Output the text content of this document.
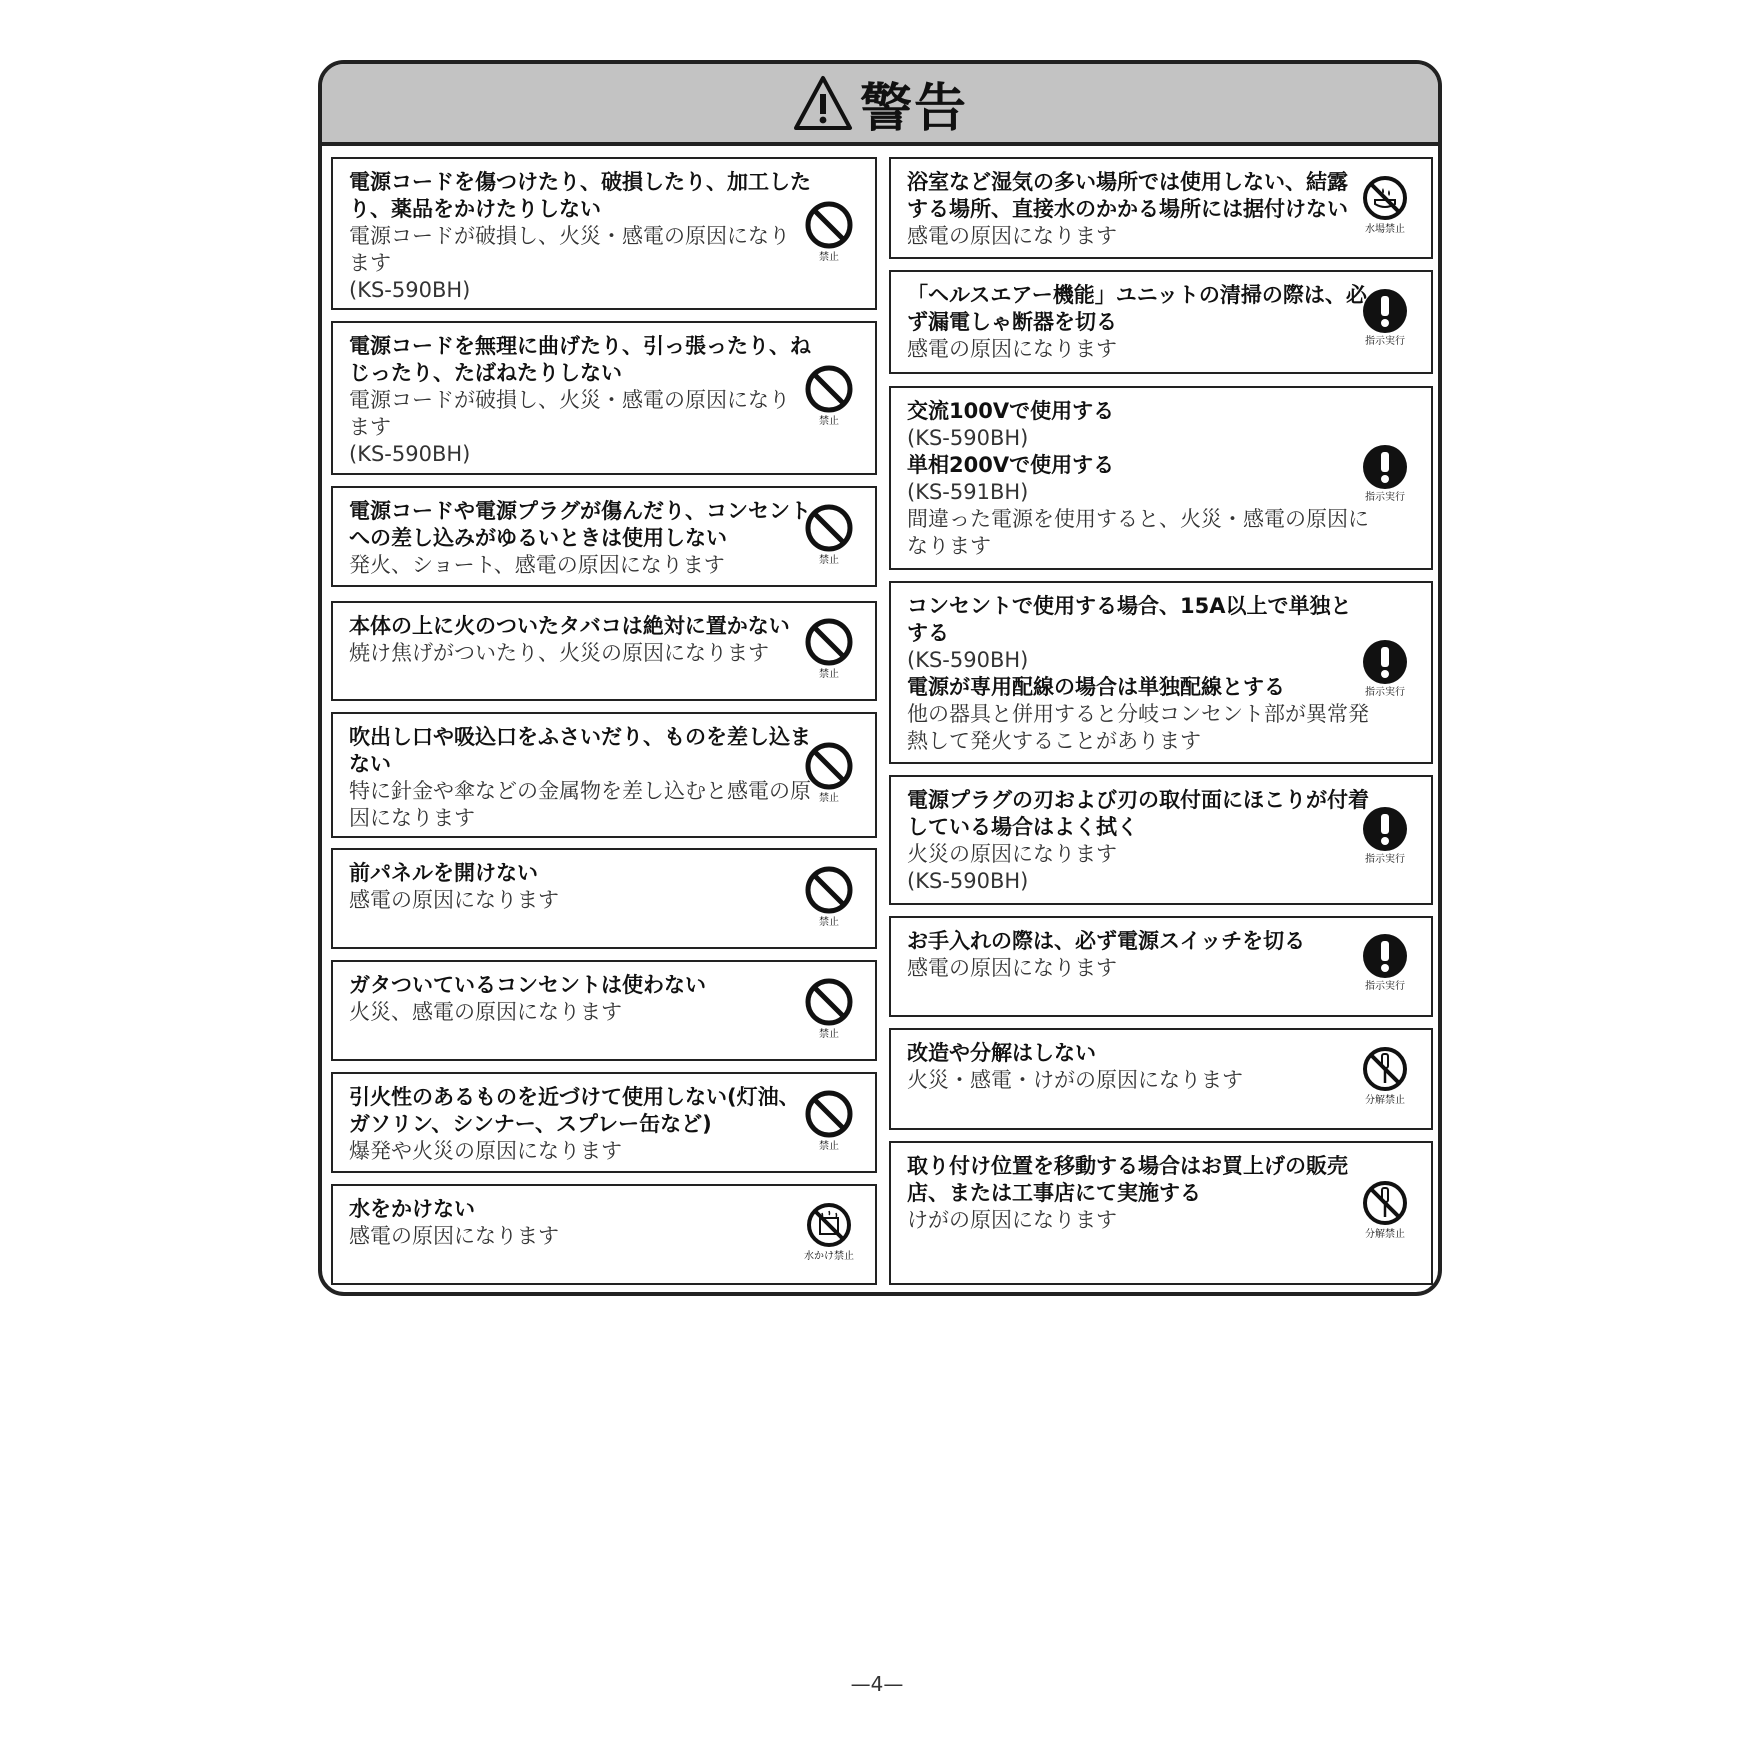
警告
電源コードを傷つけたり、破損したり、加工した
り、薬品をかけたりしない
電源コードが破損し、火災・感電の原因になり
ます
(KS-590BH)
禁止
電源コードを無理に曲げたり、引っ張ったり、ね
じったり、たばねたりしない
電源コードが破損し、火災・感電の原因になり
ます
(KS-590BH)
禁止
電源コードや電源プラグが傷んだり、コンセント
への差し込みがゆるいときは使用しない
発火、ショート、感電の原因になります	禁止
本体の上に火のついたタバコは絶対に置かない
焼け焦げがついたり、火災の原因になります
禁止
吹出し口や吸込口をふさいだり、ものを差し込ま
ない
特に針金や傘などの金属物を差し込むと感電の原
因になります
禁止
前パネルを開けない
感電の原因になります
禁止
ガタついているコンセントは使わない
火災、感電の原因になります
禁止
引火性のあるものを近づけて使用しない(灯油、
ガソリン、シンナー、スプレー缶など)
爆発や火災の原因になります	禁止
水をかけない
感電の原因になります
水かけ禁止
浴室など湿気の多い場所では使用しない、結露
する場所、直接水のかかる場所には据付けない
感電の原因になります	水場禁止
「ヘルスエアー機能」ユニットの清掃の際は、必
ず漏電しゃ断器を切る
感電の原因になります	指示実行
交流100Vで使用する
(KS-590BH)
単相200Vで使用する
(KS-591BH)
間違った電源を使用すると、火災・感電の原因に
なります
指示実行
コンセントで使用する場合、15A以上で単独と
する
(KS-590BH)
電源が専用配線の場合は単独配線とする
他の器具と併用すると分岐コンセント部が異常発
熱して発火することがあります
指示実行
電源プラグの刃および刃の取付面にほこりが付着
している場合はよく拭く
火災の原因になります
(KS-590BH)
指示実行
お手入れの際は、必ず電源スイッチを切る
感電の原因になります
指示実行
改造や分解はしない
火災・感電・けがの原因になります
分解禁止
取り付け位置を移動する場合はお買上げの販売
店、または工事店にて実施する
けがの原因になります
分解禁止
—4—
